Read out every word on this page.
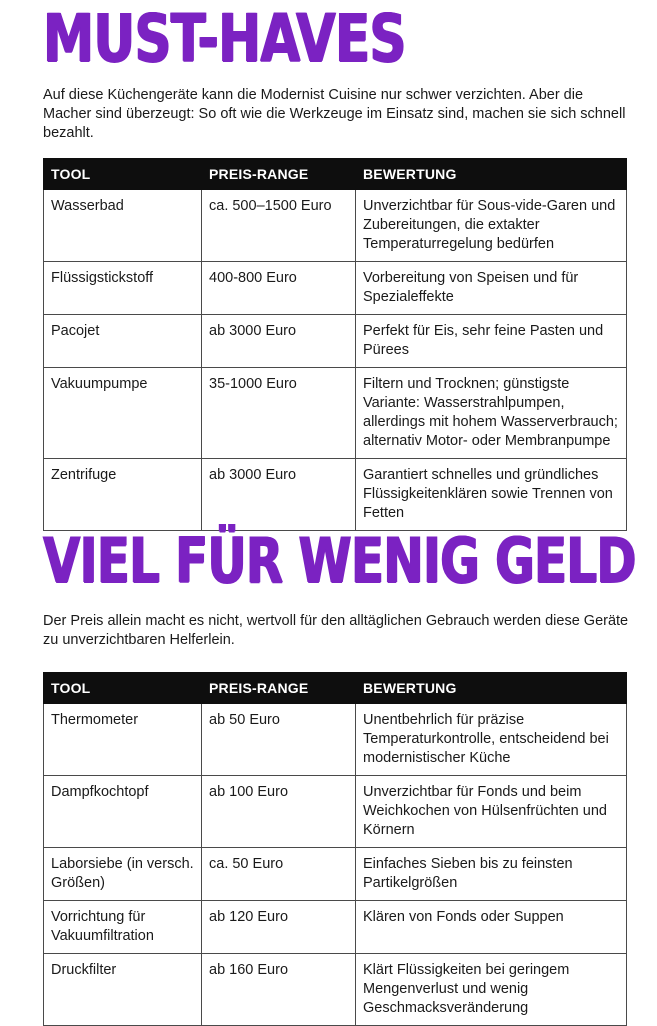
MUST-HAVES

Auf diese Küchengeräte kann die Modernist Cuisine nur schwer verzichten. Aber die Macher sind überzeugt: So oft wie die Werkzeuge im Einsatz sind, machen sie sich schnell bezahlt.

TOOL	PREIS-RANGE	BEWERTUNG
Wasserbad	ca. 500–1500 Euro	Unverzichtbar für Sous-vide-Garen und Zubereitungen, die extakter Temperaturregelung bedürfen
Flüssigstickstoff	400-800 Euro	Vorbereitung von Speisen und für Spezialeffekte
Pacojet	ab 3000 Euro	Perfekt für Eis, sehr feine Pasten und Pürees
Vakuumpumpe	35-1000 Euro	Filtern und Trocknen; günstigste Variante: Wasserstrahlpumpen, allerdings mit hohem Wasserverbrauch; alternativ Motor- oder Membranpumpe
Zentrifuge	ab 3000 Euro	Garantiert schnelles und gründliches Flüssigkeitenklären sowie Trennen von Fetten
VIEL FÜR WENIG GELD

Der Preis allein macht es nicht, wertvoll für den alltäglichen Gebrauch werden diese Geräte zu unverzichtbaren Helferlein.

TOOL	PREIS-RANGE	BEWERTUNG
Thermometer	ab 50 Euro	Unentbehrlich für präzise Temperaturkontrolle, entscheidend bei modernistischer Küche
Dampfkochtopf	ab 100 Euro	Unverzichtbar für Fonds und beim Weichkochen von Hülsenfrüchten und Körnern
Laborsiebe (in versch. Größen)	ca. 50 Euro	Einfaches Sieben bis zu feinsten Partikelgrößen
Vorrichtung für Vakuumfiltration	ab 120 Euro	Klären von Fonds oder Suppen
Druckfilter	ab 160 Euro	Klärt Flüssigkeiten bei geringem Mengenverlust und wenig Geschmacksveränderung
